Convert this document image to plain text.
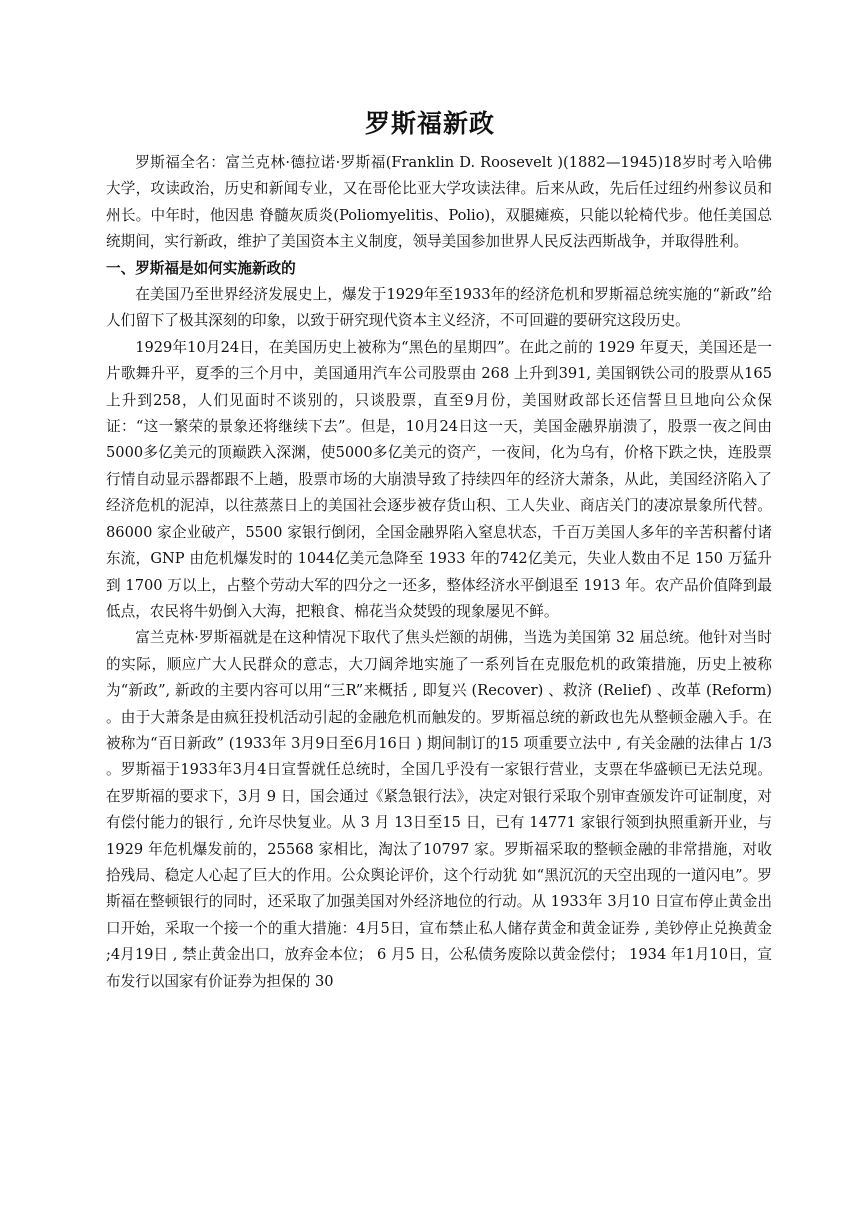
罗斯福新政

罗斯福全名：富兰克林·德拉诺·罗斯福(Franklin D. Roosevelt )(1882—1945)18岁时考入哈佛大学，攻读政治，历史和新闻专业，又在哥伦比亚大学攻读法律。后来从政，先后任过纽约州参议员和州长。中年时，他因患 脊髓灰质炎(Poliomyelitis、Polio)，双腿瘫痪，只能以轮椅代步。他任美国总统期间，实行新政，维护了美国资本主义制度，领导美国参加世界人民反法西斯战争，并取得胜利。

一、罗斯福是如何实施新政的

在美国乃至世界经济发展史上，爆发于1929年至1933年的经济危机和罗斯福总统实施的“新政”给人们留下了极其深刻的印象，以致于研究现代资本主义经济，不可回避的要研究这段历史。

1929年10月24日，在美国历史上被称为“黑色的星期四”。在此之前的 1929 年夏天，美国还是一片歌舞升平，夏季的三个月中，美国通用汽车公司股票由 268 上升到391, 美国钢铁公司的股票从165上升到258，人们见面时不谈别的，只谈股票，直至9月份，美国财政部长还信誓旦旦地向公众保证：“这一繁荣的景象还将继续下去”。但是，10月24日这一天，美国金融界崩溃了，股票一夜之间由5000多亿美元的顶巅跌入深渊，使5000多亿美元的资产，一夜间，化为乌有，价格下跌之快，连股票行情自动显示器都跟不上趟，股票市场的大崩溃导致了持续四年的经济大萧条，从此，美国经济陷入了经济危机的泥淖，以往蒸蒸日上的美国社会逐步被存货山积、工人失业、商店关门的凄凉景象所代替。 86000 家企业破产，5500 家银行倒闭，全国金融界陷入窒息状态，千百万美国人多年的辛苦积蓄付诸东流，GNP 由危机爆发时的 1044亿美元急降至 1933 年的742亿美元，失业人数由不足 150 万猛升到 1700 万以上，占整个劳动大军的四分之一还多，整体经济水平倒退至 1913 年。农产品价值降到最低点，农民将牛奶倒入大海，把粮食、棉花当众焚毁的现象屡见不鲜。

富兰克林·罗斯福就是在这种情况下取代了焦头烂额的胡佛，当选为美国第 32 届总统。他针对当时的实际，顺应广大人民群众的意志，大刀阔斧地实施了一系列旨在克服危机的政策措施，历史上被称为“新政”, 新政的主要内容可以用“三R”来概括 , 即复兴 (Recover) 、救济 (Relief) 、改革 (Reform) 。由于大萧条是由疯狂投机活动引起的金融危机而触发的。罗斯福总统的新政也先从整顿金融入手。在被称为“百日新政” (1933年 3月9日至6月16日 ) 期间制订的15 项重要立法中 , 有关金融的法律占 1/3 。罗斯福于1933年3月4日宣誓就任总统时，全国几乎没有一家银行营业，支票在华盛顿已无法兑现。在罗斯福的要求下，3月 9 日，国会通过《紧急银行法》，决定对银行采取个别审查颁发许可证制度，对有偿付能力的银行 , 允许尽快复业。从 3 月 13日至15 日，已有 14771 家银行领到执照重新开业，与 1929 年危机爆发前的，25568 家相比，淘汰了10797 家。罗斯福采取的整顿金融的非常措施，对收拾残局、稳定人心起了巨大的作用。公众舆论评价，这个行动犹 如“黑沉沉的天空出现的一道闪电”。罗斯福在整顿银行的同时，还采取了加强美国对外经济地位的行动。从 1933年 3月10 日宣布停止黄金出口开始，采取一个接一个的重大措施：4月5日，宣布禁止私人储存黄金和黄金证券 , 美钞停止兑换黄金 ;4月19日 , 禁止黄金出口，放弃金本位； 6 月5 日，公私债务废除以黄金偿付； 1934 年1月10日，宣布发行以国家有价证券为担保的 30
